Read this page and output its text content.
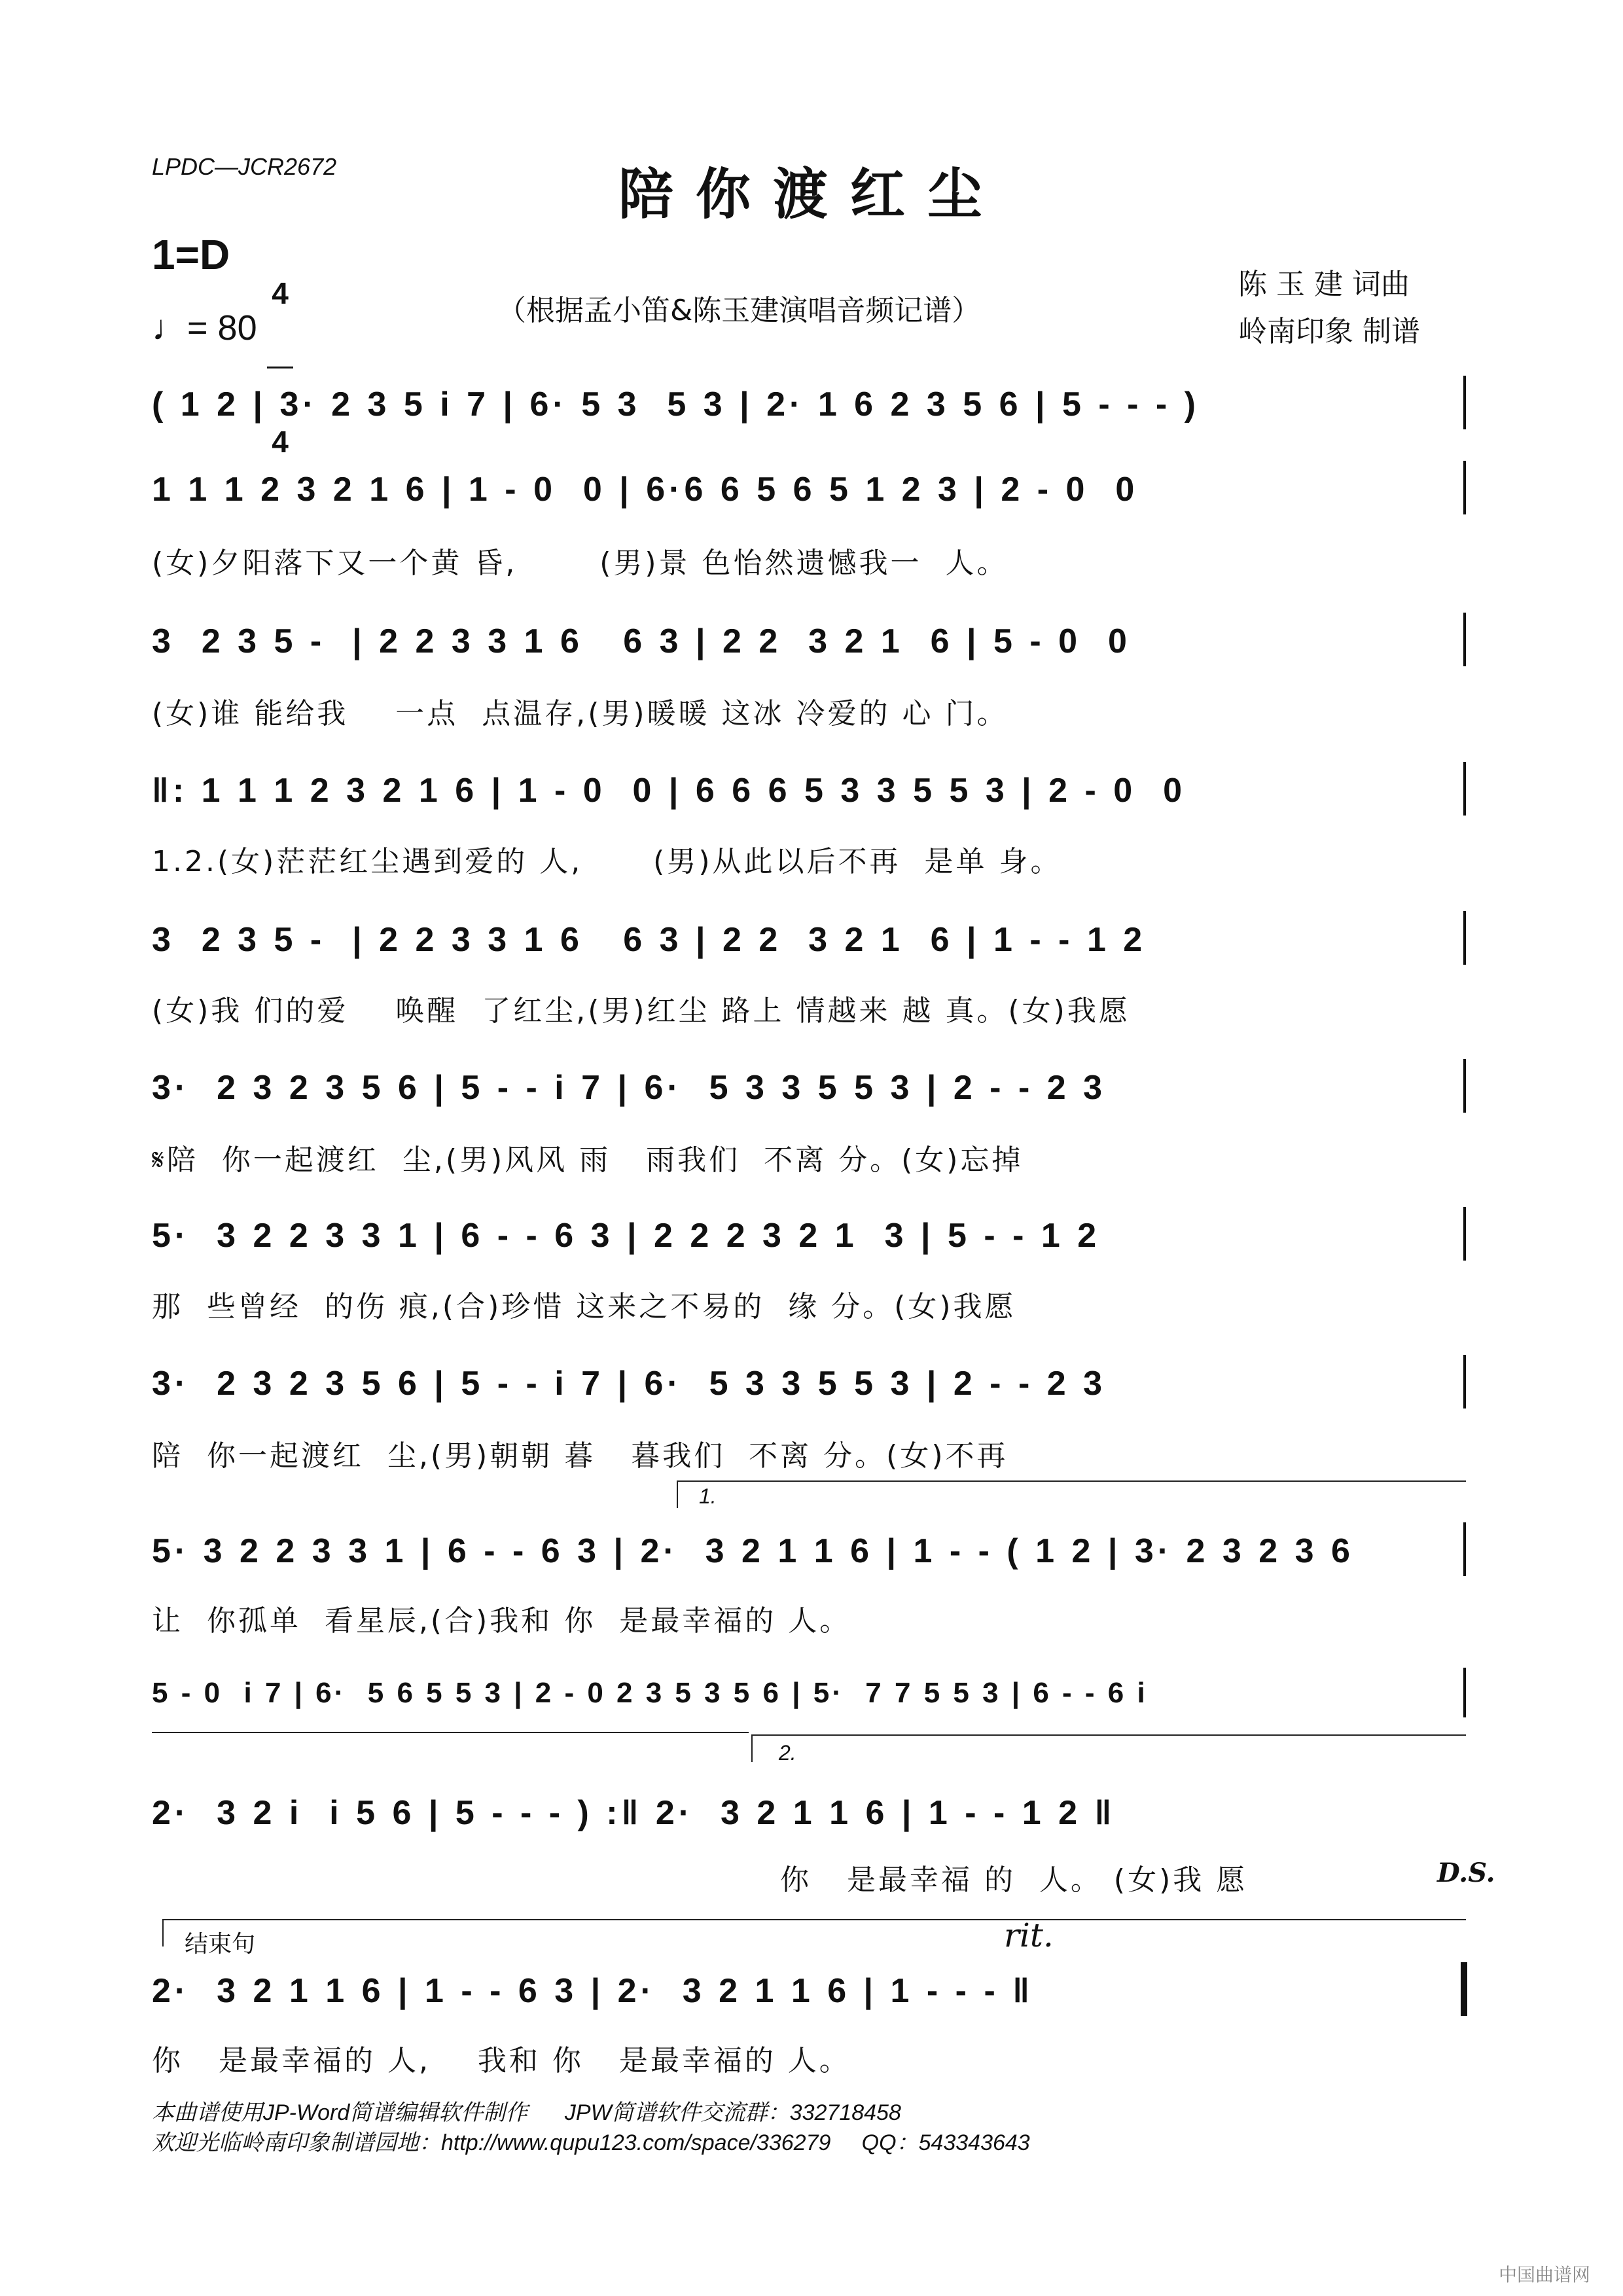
LPDC—JCR2672	陪你渡红尘
1=D

4

4

♩= 80	（根据孟小笛&陈玉建演唱音频记谱）
陈 玉 建 词曲
岭南印象 制谱
( 1 2 | 3· 2 3 5 i 7 | 6· 5 3  5 3 | 2· 1 6 2 3 5 6 | 5 - - - )
1 1 1 2 3 2 1 6 | 1 - 0  0 | 6·6 6 5 6 5 1 2 3 | 2 - 0  0
(女)夕阳落下又一个黄 昏,       (男)景 色怡然遗憾我一  人。
3  2 3 5 -  | 2 2 3 3 1 6   6 3 | 2 2  3 2 1  6 | 5 - 0  0
(女)谁 能给我    一点  点温存,(男)暖暖 这冰 冷爱的 心 门。
‖: 1 1 1 2 3 2 1 6 | 1 - 0  0 | 6 6 6 5 3 3 5 5 3 | 2 - 0  0
1.2.(女)茫茫红尘遇到爱的 人,      (男)从此以后不再  是单 身。
3  2 3 5 -  | 2 2 3 3 1 6   6 3 | 2 2  3 2 1  6 | 1 - - 1 2
(女)我 们的爱    唤醒  了红尘,(男)红尘 路上 情越来 越 真。(女)我愿
3·  2 3 2 3 5 6 | 5 - - i 7 | 6·  5 3 3 5 5 3 | 2 - - 2 3
𝄋陪  你一起渡红  尘,(男)风风 雨   雨我们  不离 分。(女)忘掉
5·  3 2 2 3 3 1 | 6 - - 6 3 | 2 2 2 3 2 1  3 | 5 - - 1 2
那  些曾经  的伤 痕,(合)珍惜 这来之不易的  缘 分。(女)我愿
3·  2 3 2 3 5 6 | 5 - - i 7 | 6·  5 3 3 5 5 3 | 2 - - 2 3
陪  你一起渡红  尘,(男)朝朝 暮   暮我们  不离 分。(女)不再
1.
5· 3 2 2 3 3 1 | 6 - - 6 3 | 2·  3 2 1 1 6 | 1 - - ( 1 2 | 3· 2 3 2 3 6
让  你孤单  看星辰,(合)我和 你  是最幸福的 人。
5 - 0  i 7 | 6·  5 6 5 5 3 | 2 - 0 2 3 5 3 5 6 | 5·  7 7 5 5 3 | 6 - - 6 i
2.
2·  3 2 i  i 5 6 | 5 - - - ) :‖ 2·  3 2 1 1 6 | 1 - - 1 2 ‖
你   是最幸福 的  人。 (女)我 愿	D.S.
结束句	rit.
2·  3 2 1 1 6 | 1 - - 6 3 | 2·  3 2 1 1 6 | 1 - - - ‖
你   是最幸福的 人,    我和 你   是最幸福的 人。
本曲谱使用JP-Word简谱编辑软件制作      JPW简谱软件交流群：332718458
欢迎光临岭南印象制谱园地：http://www.qupu123.com/space/336279     QQ：543343643
中国曲谱网
